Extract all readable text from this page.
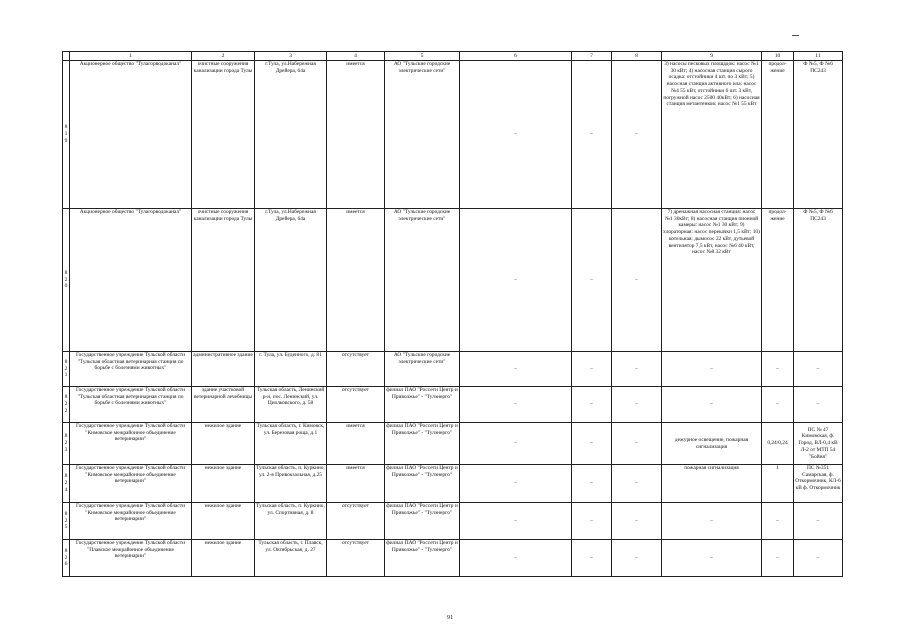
	1	2	3	4	5	6	7	8	9	10	11
819	Акционерное общество "Тулагорводоканал"	очистные сооружения канализации города Тулы	г.Тула, ул.Набережная Дрейера, 64а	имеется	АО "Тульские городские электрические сети"	–	–	–	3) насосы песковых площадок: насос №1 30 кВт; 4) насосная станция сырого осадка: отстойники 4 шт. по 3 кВт; 5) насосная станция активного ила: насос №4 55 кВт, отстойники 6 шт. 3 кВт, погружной насос 2500 40кВт; 6) насосная станция метантенков: насос №1 55 кВт	продол-жение	Ф №5, Ф №6 ПС243
820	Акционерное общество "Тулагорводоканал"	очистные сооружения канализации города Тулы	г.Тула, ул.Набережная Дрейера, 64а	имеется	АО "Тульские городские электрические сети"	–	–	–	7) дренажная насосная станция: насос №1 30кВт; 8) насосная станция пионной камеры: насос №1 30 кВт; 9) хлораторная: насос перекачки 1,5 кВт; 10) котельная: дымосос 22 кВт, дутьевой вентилятор 7,5 кВт, насос №6 40 кВт, насос №8 32 кВт	продол-жение	Ф №5, Ф №6 ПС243
821	Государственное учреждение Тульской области "Тульская областная ветеринарная станция по борьбе с болезнями животных"	административное здание	г. Тула, ул. Буденного, д. 81	отсутствует	АО "Тульские городские электрические сети"	–	–	–	–	–	–
822	Государственное учреждение Тульской области "Тульская областная ветеринарная станция по борьбе с болезнями животных"	здание участковой ветеринарной лечебницы	Тульская область, Ленинский р-н, пос. Ленинский, ул. Циолковского, д. 58	отсутствует	филиал ПАО "Россети Центр и Приволжье" - "Тулэнерго"	–	–	–	–	–	–
823	Государственное учреждение Тульской области "Кимовское межрайонное объединение ветеринарии"	нежилое здание	Тульская область, г. Кимовск, ул. Березовая роща, д.1	имеется	филиал ПАО "Россети Центр и Приволжье" - "Тулэнерго"	–	–	–	дежурное освещение, пожарная сигнализация	0,24/0,24	ПС № 47 Кимовская, ф. Город, ВЛ-0,4 кВ Л-2 от МТП 54 "Бойня"
824	Государственное учреждение Тульской области "Кимовское межрайонное объединение ветеринарии"	нежилое здание	Тульская область, п. Куркино, ул. 2-я Привокзальная, д.25	имеется	филиал ПАО "Россети Центр и Приволжье" - "Тулэнерго"	–	–	–	пожарная сигнализация	1	ПС №351 Самарская, ф. Откормочник, КЛ-6 кВ ф. Откормочник
825	Государственное учреждение Тульской области "Кимовское межрайонное объединение ветеринарии"	нежилое здание	Тульская область, п. Куркино, ул. Спортивная, д. 8	отсутствует	филиал ПАО "Россети Центр и Приволжье" - "Тулэнерго"	–	–	–	–	–	–
826	Государственное учреждение Тульской области "Плавское межрайонное объединение ветеринарии"	нежилое здание	Тульская область, г. Плавск, ул. Октябрьская, д. 27	отсутствует	филиал ПАО "Россети Центр и Приволжье" - "Тулэнерго"	–	–	–	–	–	–
91
